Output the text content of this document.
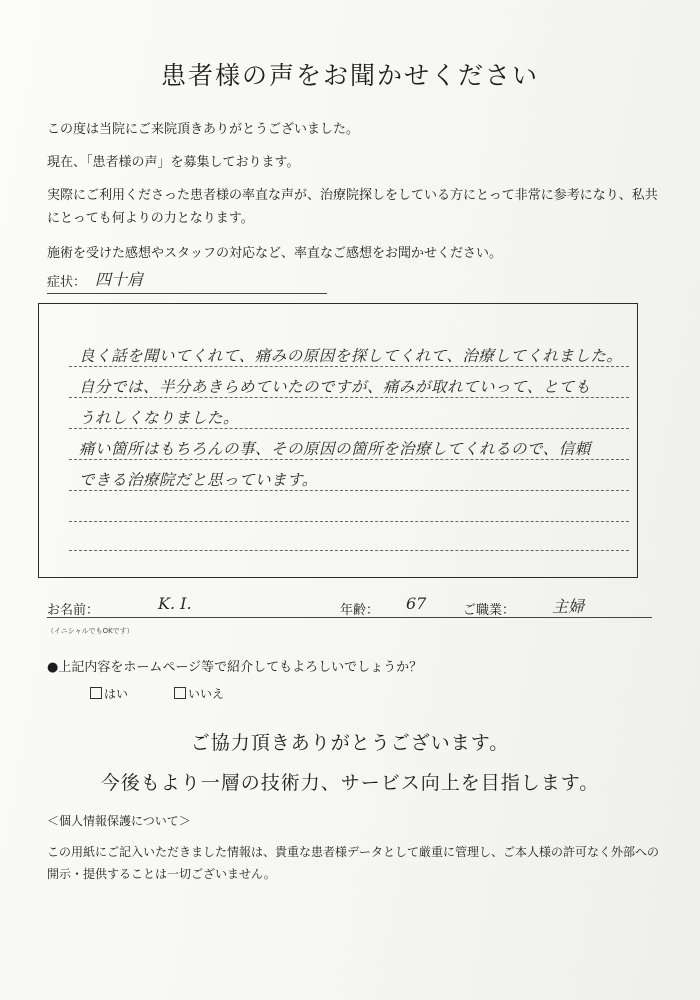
患者様の声をお聞かせください
この度は当院にご来院頂きありがとうございました。
現在、「患者様の声」を募集しております。
実際にご利用くださった患者様の率直な声が、治療院探しをしている方にとって非常に参考になり、私共にとっても何よりの力となります。
施術を受けた感想やスタッフの対応など、率直なご感想をお聞かせください。
症状： 四十肩
良く話を聞いてくれて、痛みの原因を探してくれて、治療してくれました。
自分では、半分あきらめていたのですが、痛みが取れていって、とても
うれしくなりました。
痛い箇所はもちろんの事、その原因の箇所を治療してくれるので、信頼
できる治療院だと思っています。
お名前：	K. I.	年齢： 67	ご職業： 主婦
（イニシャルでもOKです）
●上記内容をホームページ等で紹介してもよろしいでしょうか？
はい	いいえ
ご協力頂きありがとうございます。
今後もより一層の技術力、サービス向上を目指します。
＜個人情報保護について＞
この用紙にご記入いただきました情報は、貴重な患者様データとして厳重に管理し、ご本人様の許可なく外部への開示・提供することは一切ございません。
